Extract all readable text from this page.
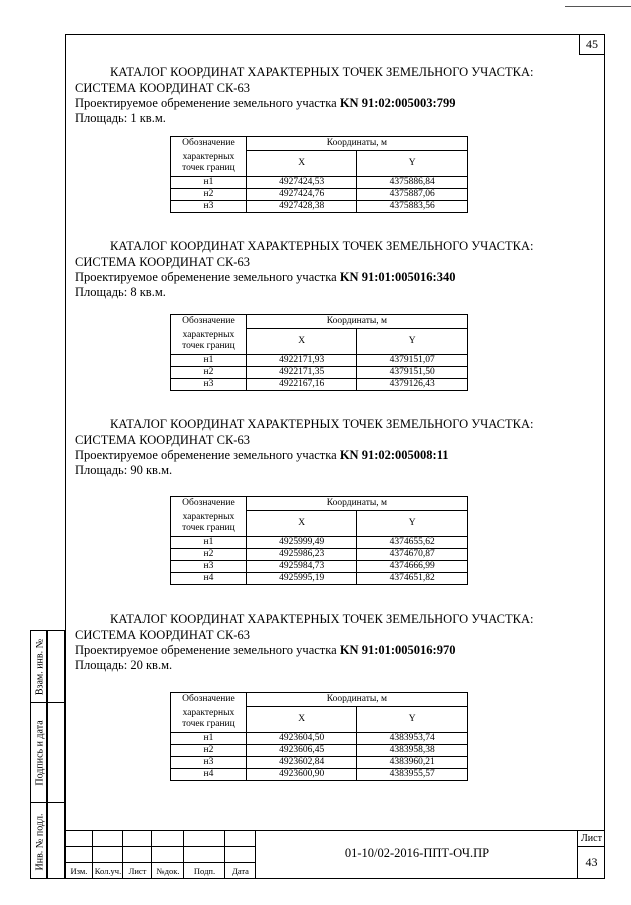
45
КАТАЛОГ КООРДИНАТ ХАРАКТЕРНЫХ ТОЧЕК ЗЕМЕЛЬНОГО УЧАСТКА:
СИСТЕМА КООРДИНАТ СК-63
Проектируемое обременение земельного участка KN 91:02:005003:799
Площадь: 1 кв.м.
Обозначение	Координаты, м	
характерных точек границ	X	Y
н1	4927424,53	4375886,84
н2	4927424,76	4375887,06
н3	4927428,38	4375883,56
КАТАЛОГ КООРДИНАТ ХАРАКТЕРНЫХ ТОЧЕК ЗЕМЕЛЬНОГО УЧАСТКА:
СИСТЕМА КООРДИНАТ СК-63
Проектируемое обременение земельного участка KN 91:01:005016:340
Площадь: 8 кв.м.
Обозначение	Координаты, м	
характерных точек границ	X	Y
н1	4922171,93	4379151,07
н2	4922171,35	4379151,50
н3	4922167,16	4379126,43
КАТАЛОГ КООРДИНАТ ХАРАКТЕРНЫХ ТОЧЕК ЗЕМЕЛЬНОГО УЧАСТКА:
СИСТЕМА КООРДИНАТ СК-63
Проектируемое обременение земельного участка KN 91:02:005008:11
Площадь: 90 кв.м.
Обозначение	Координаты, м	
характерных точек границ	X	Y
н1	4925999,49	4374655,62
н2	4925986,23	4374670,87
н3	4925984,73	4374666,99
н4	4925995,19	4374651,82
КАТАЛОГ КООРДИНАТ ХАРАКТЕРНЫХ ТОЧЕК ЗЕМЕЛЬНОГО УЧАСТКА:
СИСТЕМА КООРДИНАТ СК-63
Проектируемое обременение земельного участка KN 91:01:005016:970
Площадь: 20 кв.м.
Обозначение	Координаты, м	
характерных точек границ	X	Y
н1	4923604,50	4383953,74
н2	4923606,45	4383958,38
н3	4923602,84	4383960,21
н4	4923600,90	4383955,57
Взам. инв. №
Подпись и дата
Инв. № подл.
Изм. Кол.уч. Лист	№док.	Подп.	Дата
01-10/02-2016-ППТ-ОЧ.ПР
Лист
43
